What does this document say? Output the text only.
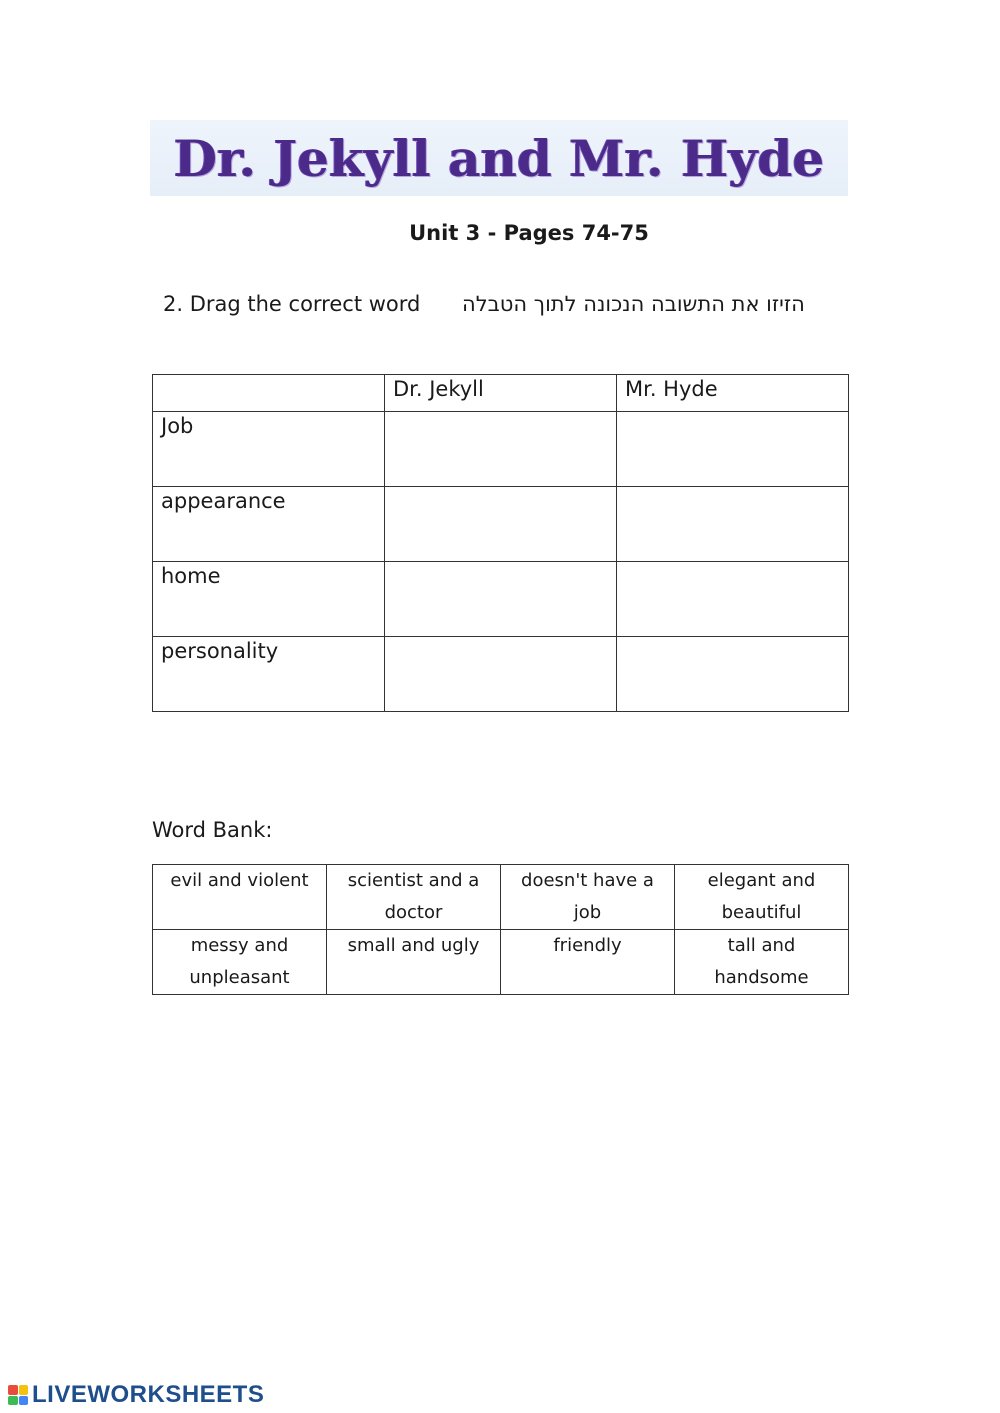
Dr. Jekyll and Mr. Hyde
Unit 3 - Pages 74-75
2. Drag the correct word הזיזו את התשובה הנכונה לתוך הטבלה
	Dr. Jekyll	Mr. Hyde
Job		
appearance		
home		
personality		
Word Bank:
evil and violent	scientist and a doctor	doesn't have a job	elegant and beautiful
messy and unpleasant	small and ugly	friendly	tall and handsome
LIVEWORKSHEETS
